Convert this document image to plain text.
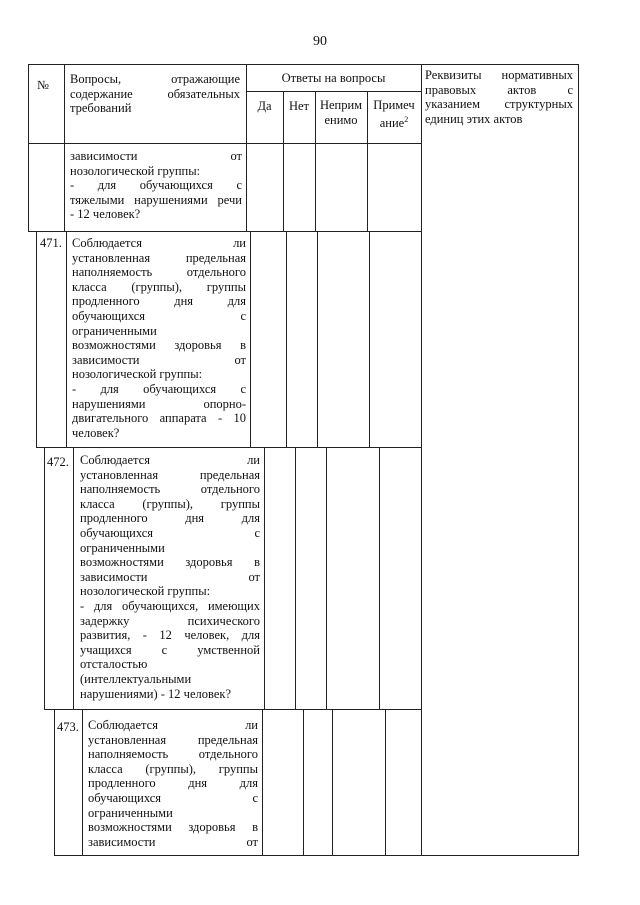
90
№ Вопросы, отражающие
содержание обязательных
требований
Ответы на вопросы
Да	Нет Неприм
енимо
Примеч
ание$^2$
Реквизиты нормативных
правовых актов с
указанием структурных
единиц этих актов
зависимости от
нозологической группы:
- для обучающихся с
тяжелыми нарушениями речи
- 12 человек?
471. Соблюдается ли
установленная предельная
наполняемость отдельного
класса (группы), группы
продленного дня для
обучающихся с
ограниченными
возможностями здоровья в
зависимости от
нозологической группы:
- для обучающихся с
нарушениями опорно-
двигательного аппарата - 10
человек?
472. Соблюдается ли
установленная предельная
наполняемость отдельного
класса (группы), группы
продленного дня для
обучающихся с
ограниченными
возможностями здоровья в
зависимости от
нозологической группы:
- для обучающихся, имеющих
задержку психического
развития, - 12 человек, для
учащихся с умственной
отсталостью
(интеллектуальными
нарушениями) - 12 человек?
473. Соблюдается ли
установленная предельная
наполняемость отдельного
класса (группы), группы
продленного дня для
обучающихся с
ограниченными
возможностями здоровья в
зависимости от
